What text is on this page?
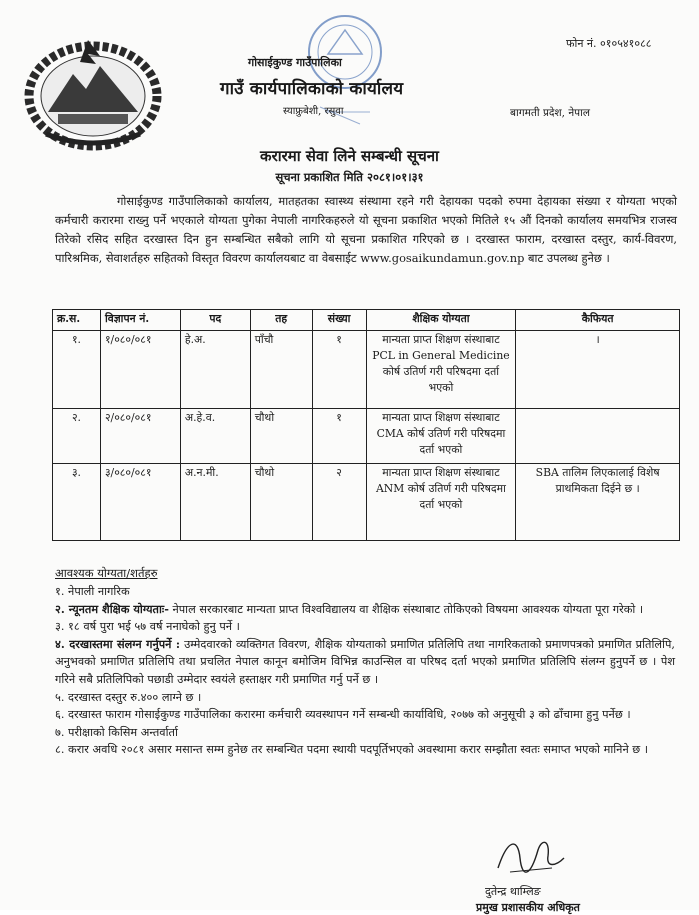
फोन नं. ०१०५४१०८८
गोसाईकुण्ड गाउँपालिका
गाउँ कार्यपालिकाको कार्यालय
स्याफ्रुबेशी, रसुवा	बागमती प्रदेश, नेपाल
करारमा सेवा लिने सम्बन्धी सूचना
सूचना प्रकाशित मिति २०८१।०१।३१
गोसाईकुण्ड गाउँपालिकाको कार्यालय, मातहतका स्वास्थ्य संस्थामा रहने गरी देहायका पदको रुपमा देहायका संख्या र योग्यता भएको कर्मचारी करारमा राख्नु पर्ने भएकाले योग्यता पुगेका नेपाली नागरिकहरुले यो सूचना प्रकाशित भएको मितिले १५ औं दिनको कार्यालय समयभित्र राजस्व तिरेको रसिद सहित दरखास्त दिन हुन सम्बन्धित सबैको लागि यो सूचना प्रकाशित गरिएको छ । दरखास्त फाराम, दरखास्त दस्तुर, कार्य-विवरण, पारिश्रमिक, सेवाशर्तहरु सहितको विस्तृत विवरण कार्यालयबाट वा वेबसाईट www.gosaikundamun.gov.np बाट उपलब्ध हुनेछ ।
क्र.स.	विज्ञापन नं.	पद	तह	संख्या	शैक्षिक योग्यता	कैफियत
१.	१/०८०/०८१	हे.अ.	पाँचौ	१	मान्यता प्राप्त शिक्षण संस्थाबाट PCL in General Medicine कोर्ष उतिर्ण गरी परिषदमा दर्ता भएको	।
२.	२/०८०/०८१	अ.हे.व.	चौथो	१	मान्यता प्राप्त शिक्षण संस्थाबाट CMA कोर्ष उतिर्ण गरी परिषदमा दर्ता भएको	
३.	३/०८०/०८१	अ.न.मी.	चौथो	२	मान्यता प्राप्त शिक्षण संस्थाबाट ANM कोर्ष उतिर्ण गरी परिषदमा दर्ता भएको	SBA तालिम लिएकालाई विशेष प्राथमिकता दिईने छ ।
आवश्यक योग्यता/शर्तहरु

१. नेपाली नागरिक

२. न्यूनतम शैक्षिक योग्यताः- नेपाल सरकारबाट मान्यता प्राप्त विश्वविद्यालय वा शैक्षिक संस्थाबाट तोकिएको विषयमा आवश्यक योग्यता पूरा गरेको ।

३. १८ वर्ष पुरा भई ५७ वर्ष ननाघेको हुनु पर्ने ।

४. दरखास्तमा संलग्न गर्नुपर्ने : उम्मेदवारको व्यक्तिगत विवरण, शैक्षिक योग्यताको प्रमाणित प्रतिलिपि तथा नागरिकताको प्रमाणपत्रको प्रमाणित प्रतिलिपि, अनुभवको प्रमाणित प्रतिलिपि तथा प्रचलित नेपाल कानून बमोजिम विभिन्न काउन्सिल वा परिषद दर्ता भएको प्रमाणित प्रतिलिपि संलग्न हुनुपर्ने छ । पेश गरिने सबै प्रतिलिपिको पछाडी उम्मेदार स्वयंले हस्ताक्षर गरी प्रमाणित गर्नु पर्ने छ ।

५. दरखास्त दस्तुर रु.४०० लाग्ने छ ।

६. दरखास्त फाराम गोसाईकुण्ड गाउँपालिका करारमा कर्मचारी व्यवस्थापन गर्ने सम्बन्धी कार्याविधि, २०७७ को अनुसूची ३ को ढाँचामा हुनु पर्नेछ ।

७. परीक्षाको किसिम अन्तर्वार्ता

८. करार अवधि २०८१ असार मसान्त सम्म हुनेछ तर सम्बन्धित पदमा स्थायी पदपूर्तिभएको अवस्थामा करार सम्झौता स्वतः समाप्त भएको मानिने छ ।

दुतेन्द्र थाम्लिङ
प्रमुख प्रशासकीय अधिकृत
